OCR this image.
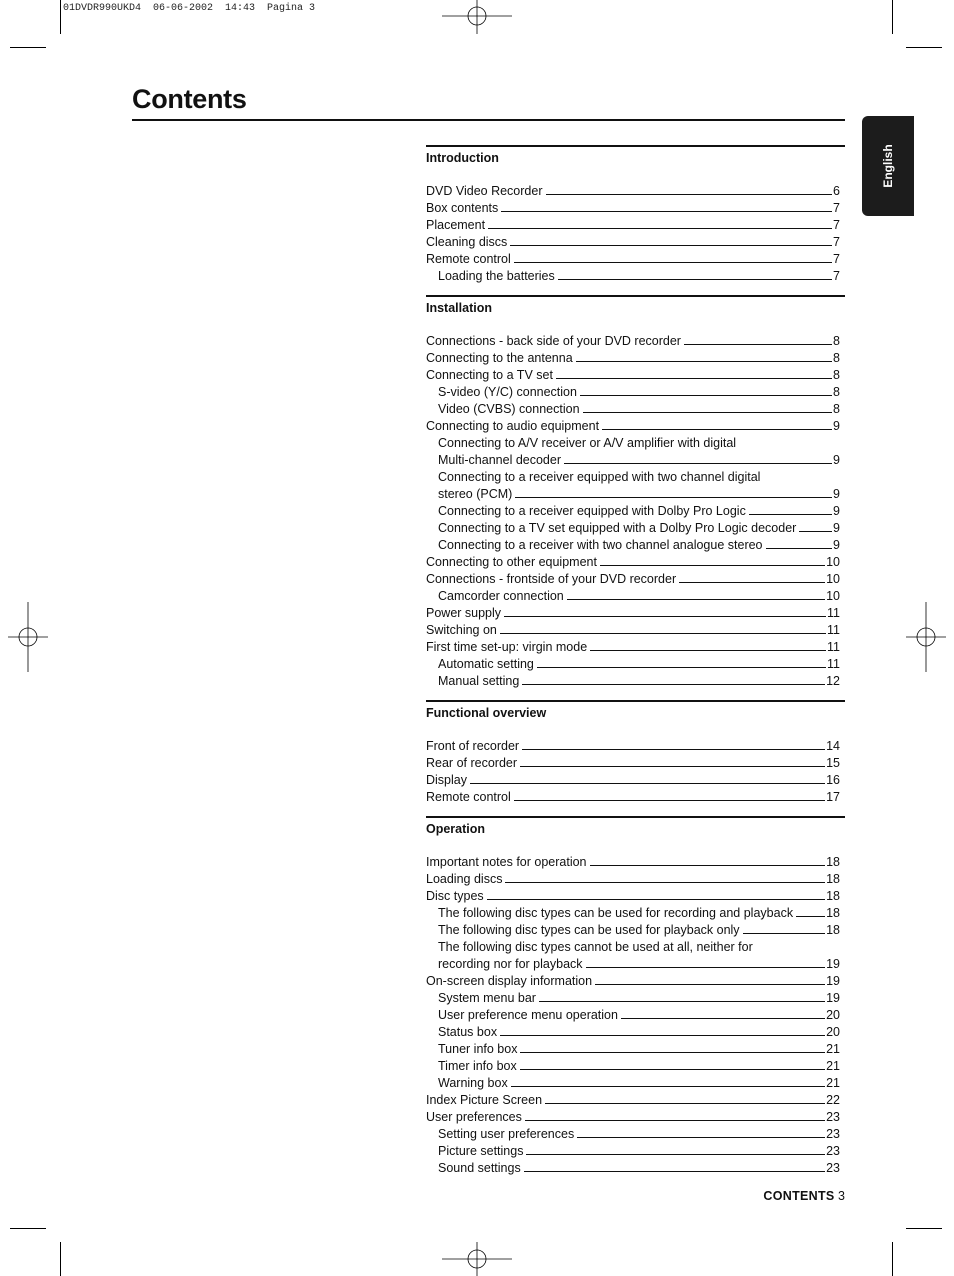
01DVDR990UKD4  06-06-2002  14:43  Pagina 3
Contents
English
Introduction
DVD Video Recorder	6
Box contents	7
Placement	7
Cleaning discs	7
Remote control	7
Loading the batteries	7
Installation
Connections - back side of your DVD recorder	8
Connecting to the antenna	8
Connecting to a TV set	8
S-video (Y/C) connection	8
Video (CVBS) connection	8
Connecting to audio equipment	9
Connecting to A/V receiver or A/V amplifier with digital
Multi-channel decoder	9
Connecting to a receiver equipped with two channel digital
stereo (PCM)	9
Connecting to a receiver equipped with Dolby Pro Logic	9
Connecting to a TV set equipped with a Dolby Pro Logic decoder	9
Connecting to a receiver with two channel analogue stereo	9
Connecting to other equipment	10
Connections - frontside of your DVD recorder	10
Camcorder connection	10
Power supply	11
Switching on	11
First time set-up: virgin mode	11
Automatic setting	11
Manual setting	12
Functional overview
Front of recorder	14
Rear of recorder	15
Display	16
Remote control	17
Operation
Important notes for operation	18
Loading discs	18
Disc types	18
The following disc types can be used for recording and playback	18
The following disc types can be used for playback only	18
The following disc types cannot be used at all, neither for
recording nor for playback	19
On-screen display information	19
System menu bar	19
User preference menu operation	20
Status box	20
Tuner info box	21
Timer info box	21
Warning box	21
Index Picture Screen	22
User preferences	23
Setting user preferences	23
Picture settings	23
Sound settings	23
CONTENTS 3
